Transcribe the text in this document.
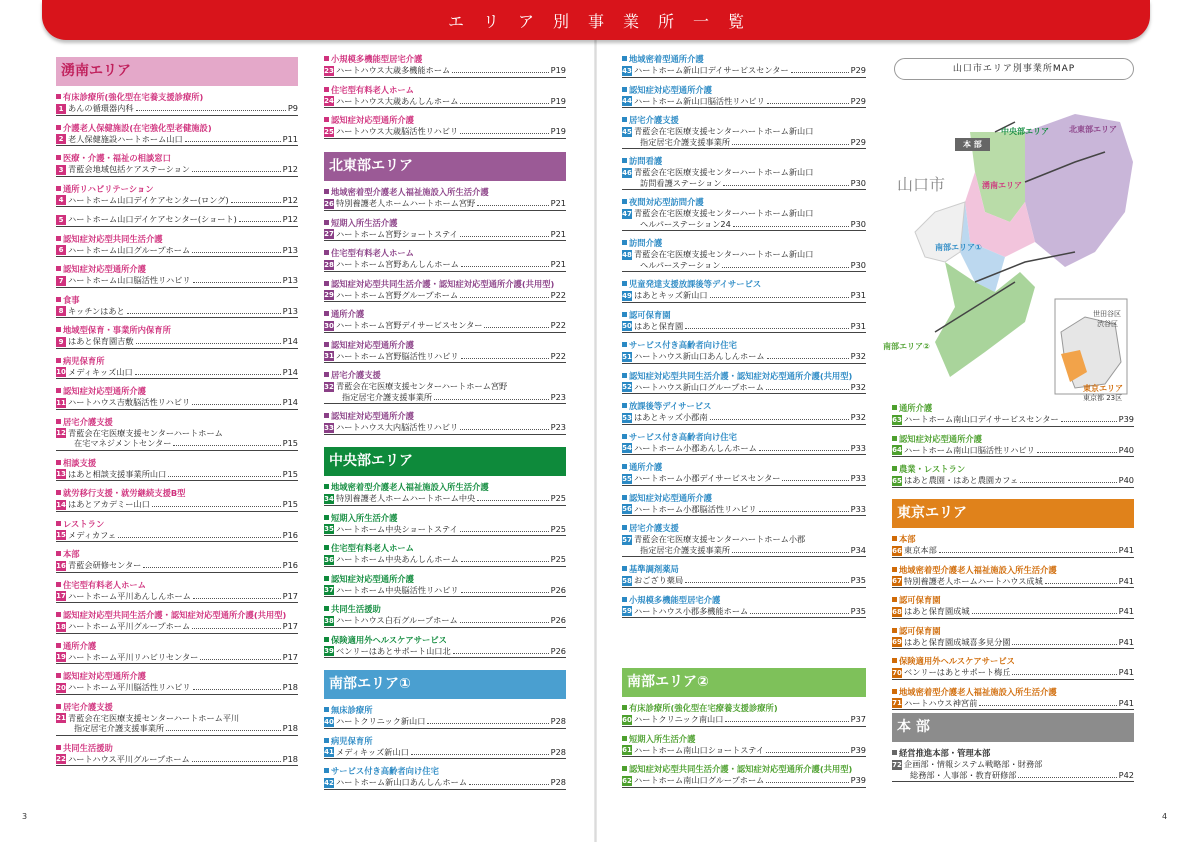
エリア別事業所一覧
湧南エリア
有床診療所(強化型在宅養支援診療所)
1 あんの循環器内科	P9
介護老人保健施設(在宅強化型老健施設)
2 老人保健施設ハートホーム山口	P11
医療・介護・福祉の相談窓口
3 青藍会地域包括ケアステーション	P12
通所リハビリテーション
4 ハートホーム山口デイケアセンター(ロング)	P12
5 ハートホーム山口デイケアセンター(ショート)	P12
認知症対応型共同生活介護
6 ハートホーム山口グループホーム	P13
認知症対応型通所介護
7 ハートホーム山口脳活性リハビリ	P13
食事
8 キッチンはあと	P13
地域型保育・事業所内保育所
9 はあと保育園吉敷	P14
病児保育所
10 メディキッズ山口	P14
認知症対応型通所介護
11 ハートハウス吉敷脳活性リハビリ	P14
居宅介護支援
12 青藍会在宅医療支援センターハートホーム
在宅マネジメントセンター	P15
相談支援
13 はあと相談支援事業所山口	P15
就労移行支援・就労継続支援B型
14 はあとアカデミー山口	P15
レストラン
15 メディカフェ	P16
本部
16 青藍会研修センター	P16
住宅型有料老人ホーム
17 ハートホーム平川あんしんホーム	P17
認知症対応型共同生活介護・認知症対応型通所介護(共用型)
18 ハートホーム平川グループホーム	P17
通所介護
19 ハートホーム平川リハビリセンター	P17
認知症対応型通所介護
20 ハートホーム平川脳活性リハビリ	P18
居宅介護支援
21 青藍会在宅医療支援センターハートホーム平川
指定居宅介護支援事業所	P18
共同生活援助
22 ハートハウス平川グループホーム	P18
小規模多機能型居宅介護
23 ハートハウス大歳多機能ホーム	P19
住宅型有料老人ホーム
24 ハートハウス大歳あんしんホーム	P19
認知症対応型通所介護
25 ハートハウス大歳脳活性リハビリ	P19
北東部エリア
地域密着型介護老人福祉施設入所生活介護
26 特別養護老人ホームハートホーム宮野	P21
短期入所生活介護
27 ハートホーム宮野ショートステイ	P21
住宅型有料老人ホーム
28 ハートホーム宮野あんしんホーム	P21
認知症対応型共同生活介護・認知症対応型通所介護(共用型)
29 ハートホーム宮野グループホーム	P22
通所介護
30 ハートホーム宮野デイサービスセンター	P22
認知症対応型通所介護
31 ハートホーム宮野脳活性リハビリ	P22
居宅介護支援
32 青藍会在宅医療支援センターハートホーム宮野
指定居宅介護支援事業所	P23
認知症対応型通所介護
33 ハートハウス大内脳活性リハビリ	P23
中央部エリア
地域密着型介護老人福祉施設入所生活介護
34 特別養護老人ホームハートホーム中央	P25
短期入所生活介護
35 ハートホーム中央ショートステイ	P25
住宅型有料老人ホーム
36 ハートホーム中央あんしんホーム	P25
認知症対応型通所介護
37 ハートホーム中央脳活性リハビリ	P26
共同生活援助
38 ハートハウス白石グループホーム	P26
保険適用外ヘルスケアサービス
39 ベンリーはあとサポート山口北	P26
南部エリア①
無床診療所
40 ハートクリニック新山口	P28
病児保育所
41 メディキッズ新山口	P28
サービス付き高齢者向け住宅
42 ハートホーム新山口あんしんホーム	P28
地域密着型通所介護
43 ハートホーム新山口デイサービスセンター	P29
認知症対応型通所介護
44 ハートホーム新山口脳活性リハビリ	P29
居宅介護支援
45 青藍会在宅医療支援センターハートホーム新山口
指定居宅介護支援事業所	P29
訪問看護
46 青藍会在宅医療支援センターハートホーム新山口
訪問看護ステーション	P30
夜間対応型訪問介護
47 青藍会在宅医療支援センターハートホーム新山口
ヘルパーステーション24	P30
訪問介護
48 青藍会在宅医療支援センターハートホーム新山口
ヘルパーステーション	P30
児童発達支援放課後等デイサービス
49 はあとキッズ新山口	P31
認可保育園
50 はあと保育園	P31
サービス付き高齢者向け住宅
51 ハートハウス新山口あんしんホーム	P32
認知症対応型共同生活介護・認知症対応型通所介護(共用型)
52 ハートハウス新山口グループホーム	P32
放課後等デイサービス
53 はあとキッズ小郡南	P32
サービス付き高齢者向け住宅
54 ハートホーム小郡あんしんホーム	P33
通所介護
55 ハートホーム小郡デイサービスセンター	P33
認知症対応型通所介護
56 ハートホーム小郡脳活性リハビリ	P33
居宅介護支援
57 青藍会在宅医療支援センターハートホーム小郡
指定居宅介護支援事業所	P34
基準調剤薬局
58 おござり薬局	P35
小規模多機能型居宅介護
59 ハートハウス小郡多機能ホーム	P35
南部エリア②
有床診療所(強化型在宅療養支援診療所)
60 ハートクリニック南山口	P37
短期入所生活介護
61 ハートホーム南山口ショートステイ	P39
認知症対応型共同生活介護・認知症対応型通所介護(共用型)
62 ハートホーム南山口グループホーム	P39
通所介護
63 ハートホーム南山口デイサービスセンター	P39
認知症対応型通所介護
64 ハートホーム南山口脳活性リハビリ	P40
農業・レストラン
65 はあと農園・はあと農園カフェ	P40
東京エリア
本部
66 東京本部	P41
地域密着型介護老人福祉施設入所生活介護
67 特別養護老人ホームハートハウス成城	P41
認可保育園
68 はあと保育園成城	P41
認可保育園
69 はあと保育園成城喜多見分園	P41
保険適用外ヘルスケアサービス
70 ベンリーはあとサポート梅丘	P41
地域密着型介護老人福祉施設入所生活介護
71 ハートハウス神宮前	P41
本 部
経営推進本部・管理本部
72 企画部・情報システム戦略部・財務部
総務部・人事部・教育研修部	P42
山口市エリア別事業所MAP
山口市
本 部
中央部エリア	北東部エリア
湧南エリア
南部エリア①
南部エリア②
世田谷区
渋谷区
東京エリア
東京都 23区
3	4
